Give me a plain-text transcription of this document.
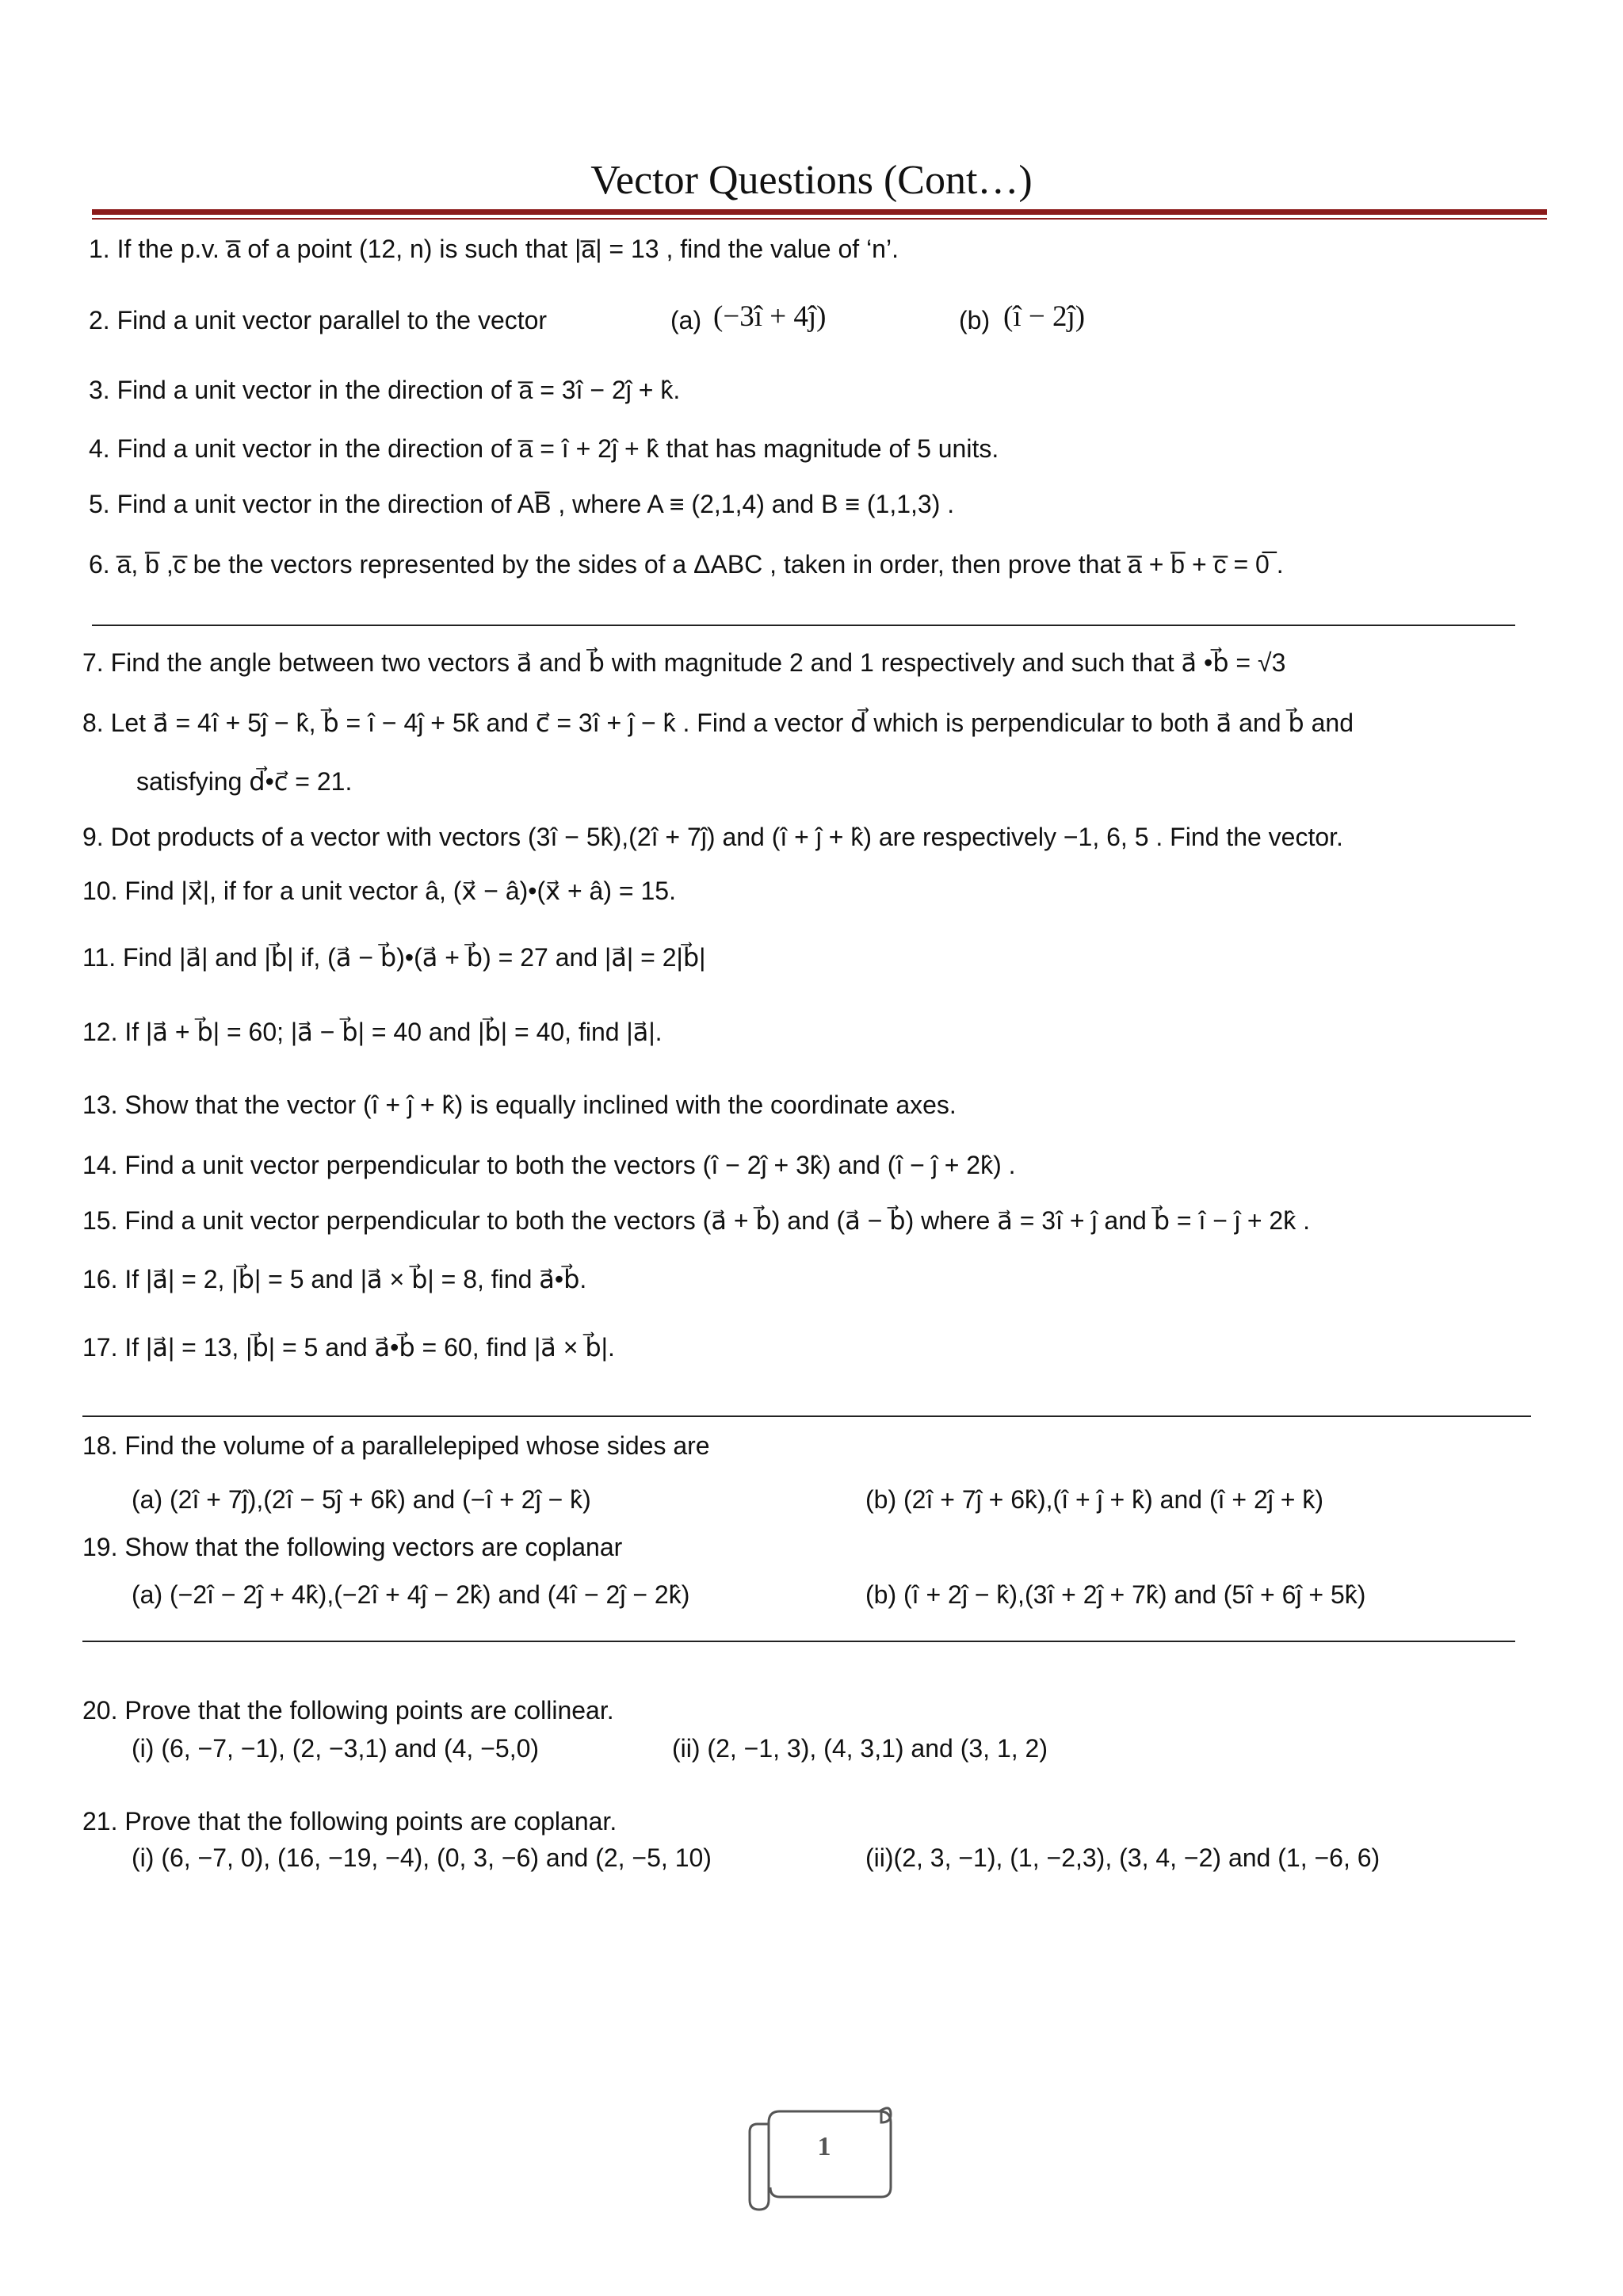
Vector Questions (Cont…)
1. If the p.v. a̅ of a point (12, n) is such that |a̅| = 13 , find the value of ‘n’.
2. Find a unit vector parallel to the vector	(a) (−3î + 4ĵ)	(b) (î − 2ĵ)
3. Find a unit vector in the direction of a̅ = 3î − 2ĵ + k̂.
4. Find a unit vector in the direction of a̅ = î + 2ĵ + k̂ that has magnitude of 5 units.
5. Find a unit vector in the direction of AB̅ , where A ≡ (2,1,4) and B ≡ (1,1,3) .
6. a̅, b̅ ,c̅ be the vectors represented by the sides of a ΔABC , taken in order, then prove that a̅ + b̅ + c̅ = 0̅ .
7. Find the angle between two vectors a⃗ and b⃗ with magnitude 2 and 1 respectively and such that a⃗ •b⃗ = √3
8. Let a⃗ = 4î + 5ĵ − k̂, b⃗ = î − 4ĵ + 5k̂ and c⃗ = 3î + ĵ − k̂ . Find a vector d⃗ which is perpendicular to both a⃗ and b⃗ and
satisfying d⃗•c⃗ = 21.
9. Dot products of a vector with vectors (3î − 5k̂),(2î + 7ĵ) and (î + ĵ + k̂) are respectively −1, 6, 5 . Find the vector.
10. Find |x⃗|, if for a unit vector â, (x⃗ − â)•(x⃗ + â) = 15.
11. Find |a⃗| and |b⃗| if, (a⃗ − b⃗)•(a⃗ + b⃗) = 27 and |a⃗| = 2|b⃗|
12. If |a⃗ + b⃗| = 60; |a⃗ − b⃗| = 40 and |b⃗| = 40, find |a⃗|.
13. Show that the vector (î + ĵ + k̂) is equally inclined with the coordinate axes.
14. Find a unit vector perpendicular to both the vectors (î − 2ĵ + 3k̂) and (î − ĵ + 2k̂) .
15. Find a unit vector perpendicular to both the vectors (a⃗ + b⃗) and (a⃗ − b⃗) where a⃗ = 3î + ĵ and b⃗ = î − ĵ + 2k̂ .
16. If |a⃗| = 2, |b⃗| = 5 and |a⃗ × b⃗| = 8, find a⃗•b⃗.
17. If |a⃗| = 13, |b⃗| = 5 and a⃗•b⃗ = 60, find |a⃗ × b⃗|.
18. Find the volume of a parallelepiped whose sides are
(a) (2î + 7ĵ),(2î − 5ĵ + 6k̂) and (−î + 2ĵ − k̂)	(b) (2î + 7ĵ + 6k̂),(î + ĵ + k̂) and (î + 2ĵ + k̂)
19. Show that the following vectors are coplanar
(a) (−2î − 2ĵ + 4k̂),(−2î + 4ĵ − 2k̂) and (4î − 2ĵ − 2k̂)	(b) (î + 2ĵ − k̂),(3î + 2ĵ + 7k̂) and (5î + 6ĵ + 5k̂)
20. Prove that the following points are collinear.
(i) (6, −7, −1), (2, −3,1) and (4, −5,0)	(ii) (2, −1, 3), (4, 3,1) and (3, 1, 2)
21. Prove that the following points are coplanar.
(i) (6, −7, 0), (16, −19, −4), (0, 3, −6) and (2, −5, 10)	(ii)(2, 3, −1), (1, −2,3), (3, 4, −2) and (1, −6, 6)
1
